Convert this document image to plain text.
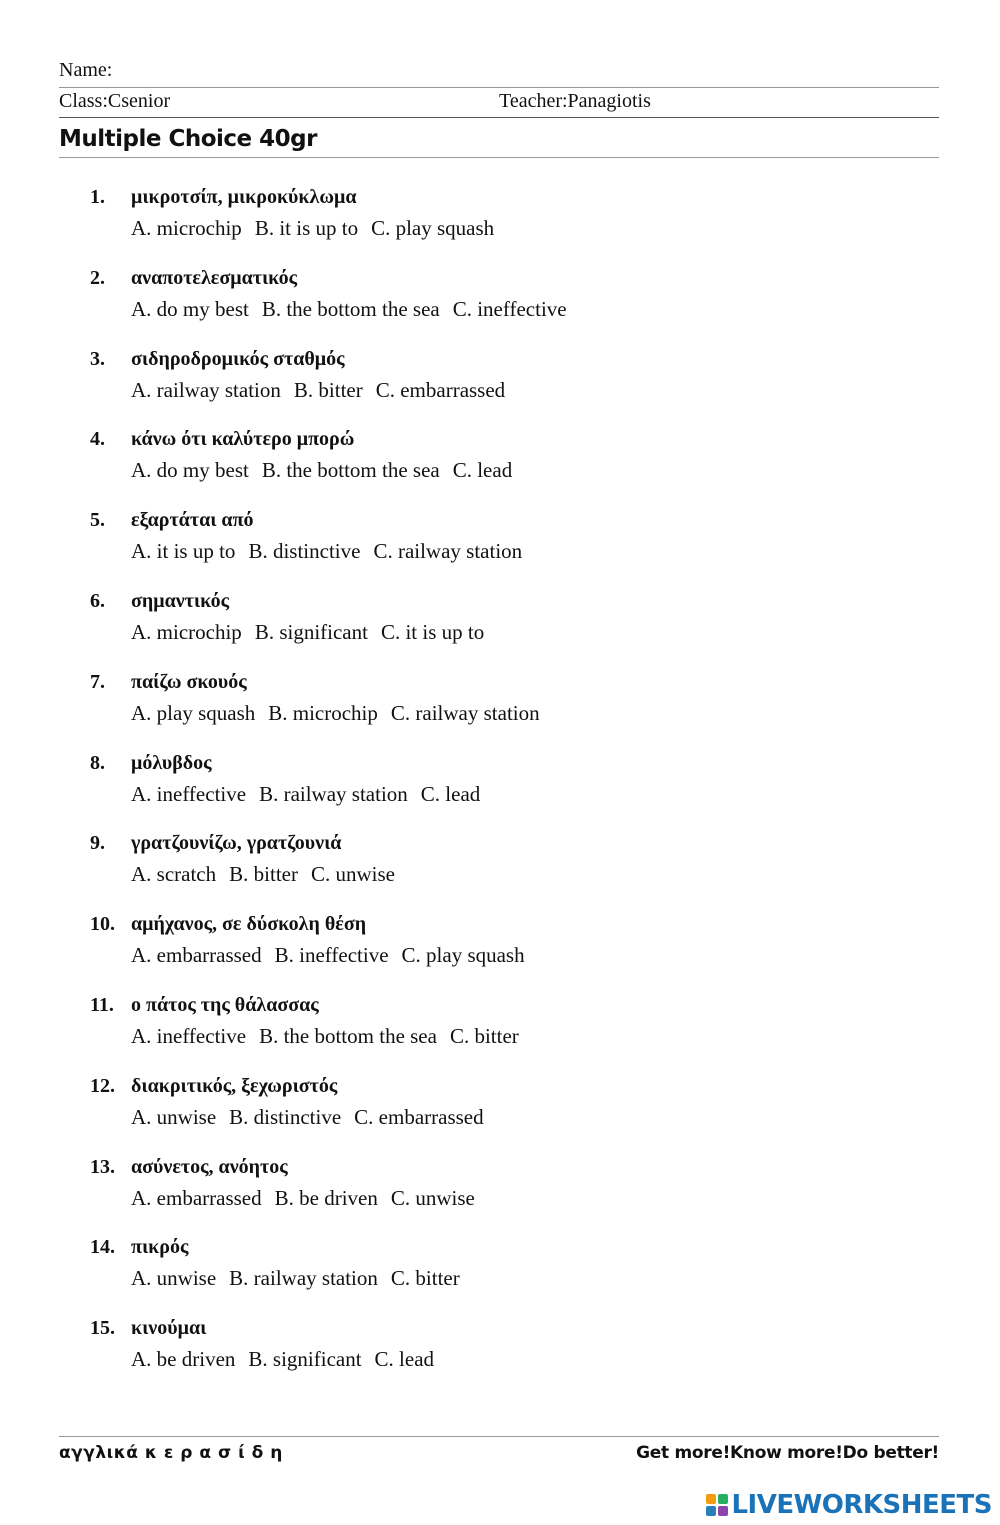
Name:
Class:Csenior	Teacher:Panagiotis
Multiple Choice 40gr
1. μικροτσίπ, μικροκύκλωμα
A. microchip B. it is up to C. play squash
2. αναποτελεσματικός
A. do my best B. the bottom the sea C. ineffective
3. σιδηροδρομικός σταθμός
A. railway station B. bitter C. embarrassed
4. κάνω ότι καλύτερο μπορώ
A. do my best B. the bottom the sea C. lead
5. εξαρτάται από
A. it is up to B. distinctive C. railway station
6. σημαντικός
A. microchip B. significant C. it is up to
7. παίζω σκουός
A. play squash B. microchip C. railway station
8. μόλυβδος
A. ineffective B. railway station C. lead
9. γρατζουνίζω, γρατζουνιά
A. scratch B. bitter C. unwise
10. αμήχανος, σε δύσκολη θέση
A. embarrassed B. ineffective C. play squash
11. ο πάτος της θάλασσας
A. ineffective B. the bottom the sea C. bitter
12. διακριτικός, ξεχωριστός
A. unwise B. distinctive C. embarrassed
13. ασύνετος, ανόητος
A. embarrassed B. be driven C. unwise
14. πικρός
A. unwise B. railway station C. bitter
15. κινούμαι
A. be driven B. significant C. lead
αγγλικά κ ε ρ α σ ί δ η	Get more!Know more!Do better!
LIVEWORKSHEETS
